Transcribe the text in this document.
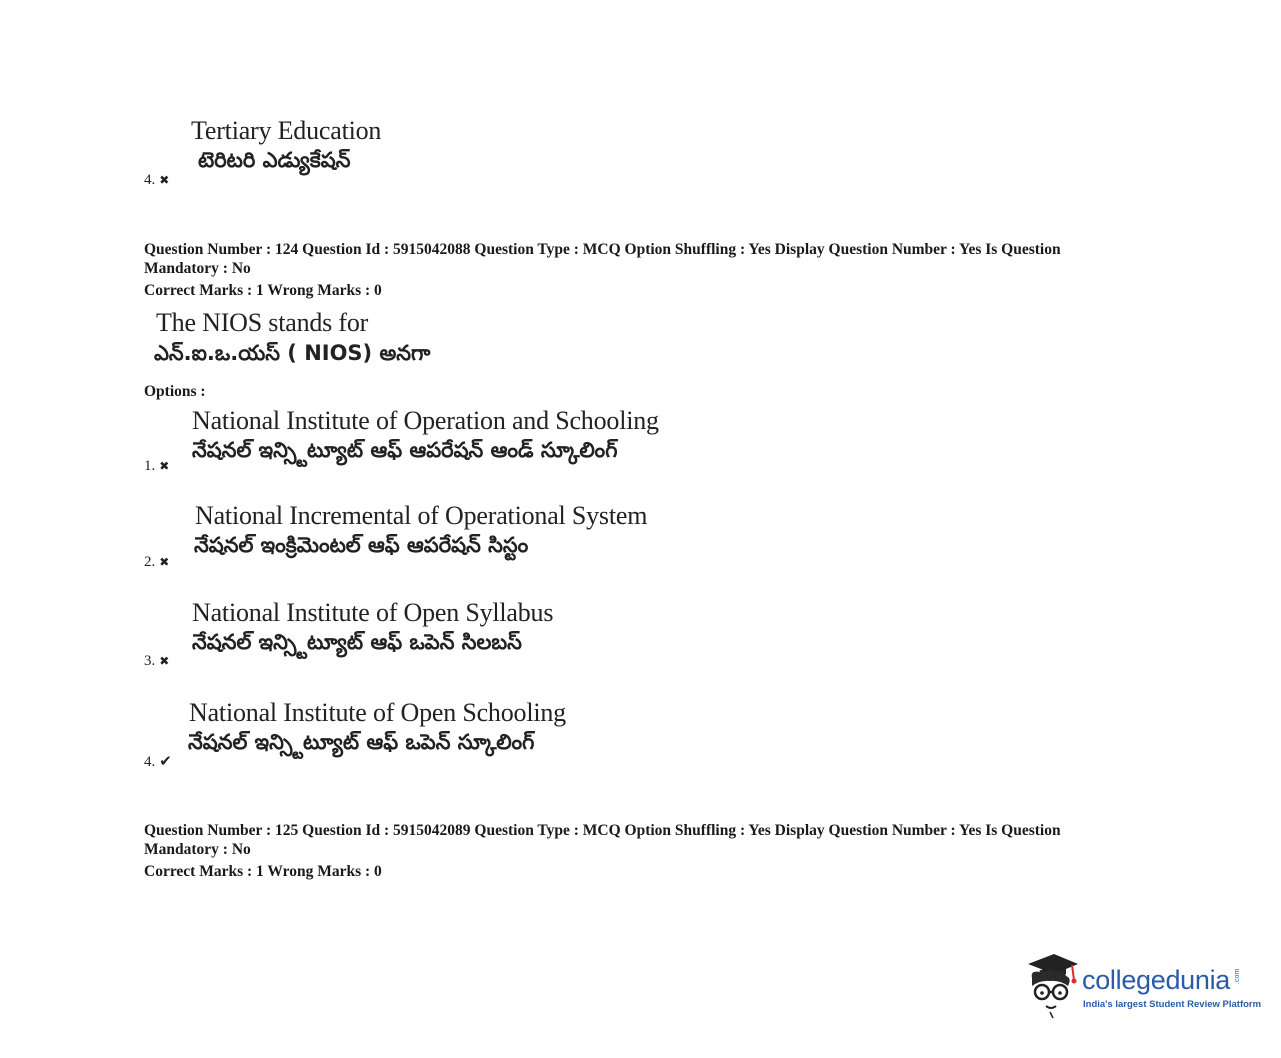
Tertiary Education
టెరిటరి ఎడ్యుకేషన్
4. ✖
Question Number : 124 Question Id : 5915042088 Question Type : MCQ Option Shuffling : Yes Display Question Number : Yes Is Question
Mandatory : No
Correct Marks : 1 Wrong Marks : 0
The NIOS stands for
ఎన్.ఐ.ఒ.యస్ ( NIOS) అనగా
Options :
National Institute of Operation and Schooling
నేషనల్ ఇన్స్టిట్యూట్ ఆఫ్ ఆపరేషన్ ఆండ్ స్కూలింగ్
1. ✖
National Incremental of Operational System
నేషనల్ ఇంక్రిమెంటల్ ఆఫ్ ఆపరేషన్ సిస్టం
2. ✖
National Institute of Open Syllabus
నేషనల్ ఇన్స్టిట్యూట్ ఆఫ్ ఒపెన్ సిలబస్
3. ✖
National Institute of Open Schooling
నేషనల్ ఇన్స్టిట్యూట్ ఆఫ్ ఒపెన్ స్కూలింగ్
4. ✔
Question Number : 125 Question Id : 5915042089 Question Type : MCQ Option Shuffling : Yes Display Question Number : Yes Is Question
Mandatory : No
Correct Marks : 1 Wrong Marks : 0
collegedunia .com
India's largest Student Review Platform
